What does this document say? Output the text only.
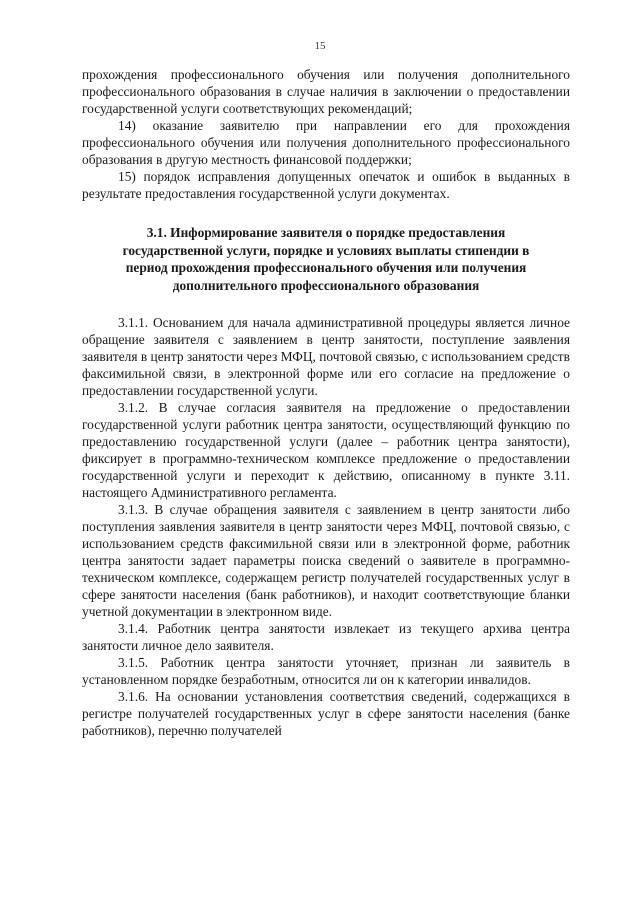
15

прохождения профессионального обучения или получения дополнительного профессионального образования в случае наличия в заключении о предоставлении государственной услуги соответствующих рекомендаций;

14) оказание заявителю при направлении его для прохождения профессионального обучения или получения дополнительного профессионального образования в другую местность финансовой поддержки;

15) порядок исправления допущенных опечаток и ошибок в выданных в результате предоставления государственной услуги документах.

3.1. Информирование заявителя о порядке предоставления
государственной услуги, порядке и условиях выплаты стипендии в
период прохождения профессионального обучения или получения
дополнительного профессионального образования

3.1.1. Основанием для начала административной процедуры является личное обращение заявителя с заявлением в центр занятости, поступление заявления заявителя в центр занятости через МФЦ, почтовой связью, с использованием средств факсимильной связи, в электронной форме или его согласие на предложение о предоставлении государственной услуги.

3.1.2. В случае согласия заявителя на предложение о предоставлении государственной услуги работник центра занятости, осуществляющий функцию по предоставлению государственной услуги (далее – работник центра занятости), фиксирует в программно-техническом комплексе предложение о предоставлении государственной услуги и переходит к действию, описанному в пункте 3.11. настоящего Административного регламента.

3.1.3. В случае обращения заявителя с заявлением в центр занятости либо поступления заявления заявителя в центр занятости через МФЦ, почтовой связью, с использованием средств факсимильной связи или в электронной форме, работник центра занятости задает параметры поиска сведений о заявителе в программно-техническом комплексе, содержащем регистр получателей государственных услуг в сфере занятости населения (банк работников), и находит соответствующие бланки учетной документации в электронном виде.

3.1.4. Работник центра занятости извлекает из текущего архива центра занятости личное дело заявителя.

3.1.5. Работник центра занятости уточняет, признан ли заявитель в установленном порядке безработным, относится ли он к категории инвалидов.

3.1.6. На основании установления соответствия сведений, содержащихся в регистре получателей государственных услуг в сфере занятости населения (банке работников), перечню получателей
